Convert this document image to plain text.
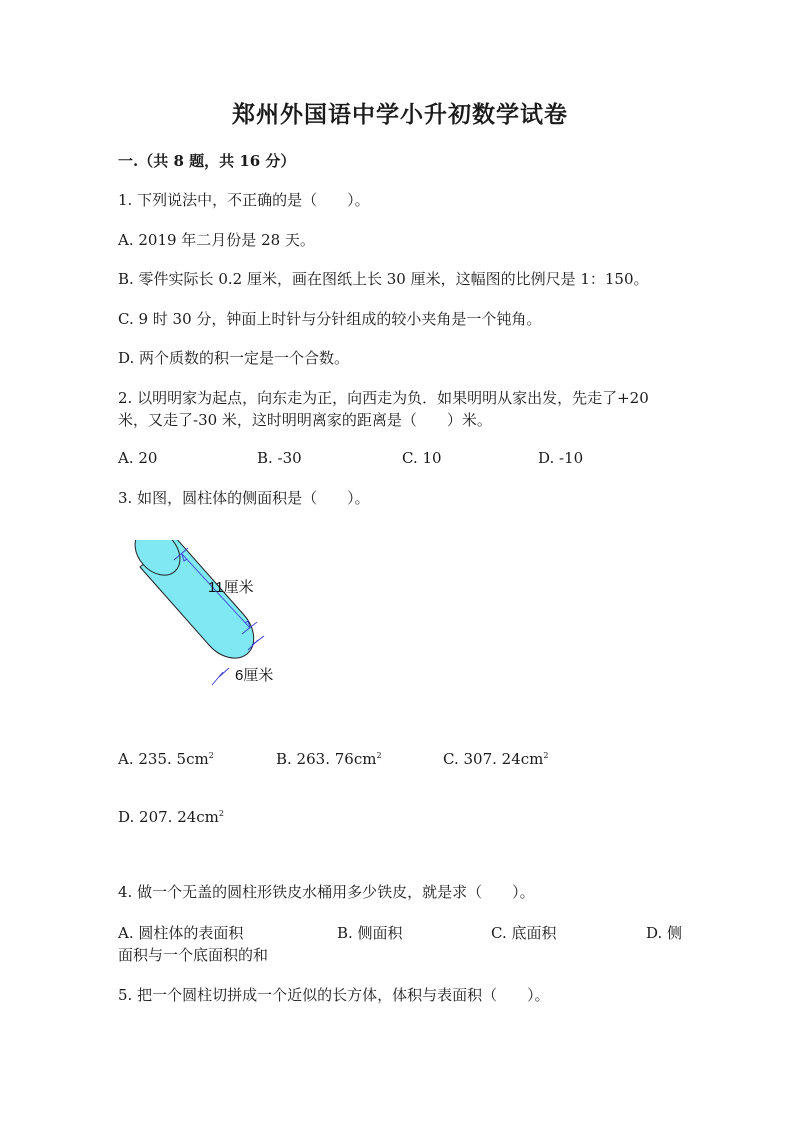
郑州外国语中学小升初数学试卷
一.（共 8 题，共 16 分）
1. 下列说法中，不正确的是（　　）。
A. 2019 年二月份是 28 天。
B. 零件实际长 0.2 厘米，画在图纸上长 30 厘米，这幅图的比例尺是 1：150。
C. 9 时 30 分，钟面上时针与分针组成的较小夹角是一个钝角。
D. 两个质数的积一定是一个合数。
2. 以明明家为起点，向东走为正，向西走为负．如果明明从家出发，先走了+20
米，又走了-30 米，这时明明离家的距离是（　　）米。
A. 20	B. -30	C. 10	D. -10
3. 如图，圆柱体的侧面积是（　　）。
11厘米
6厘米
A. 235. $5cm^2$	B. 263. $76cm^2$	C. 307. $24cm^2$
D. 207. $24cm^2$
4. 做一个无盖的圆柱形铁皮水桶用多少铁皮，就是求（　　）。
A. 圆柱体的表面积	B. 侧面积	C. 底面积	D. 侧
面积与一个底面积的和
5. 把一个圆柱切拼成一个近似的长方体，体积与表面积（　　）。
